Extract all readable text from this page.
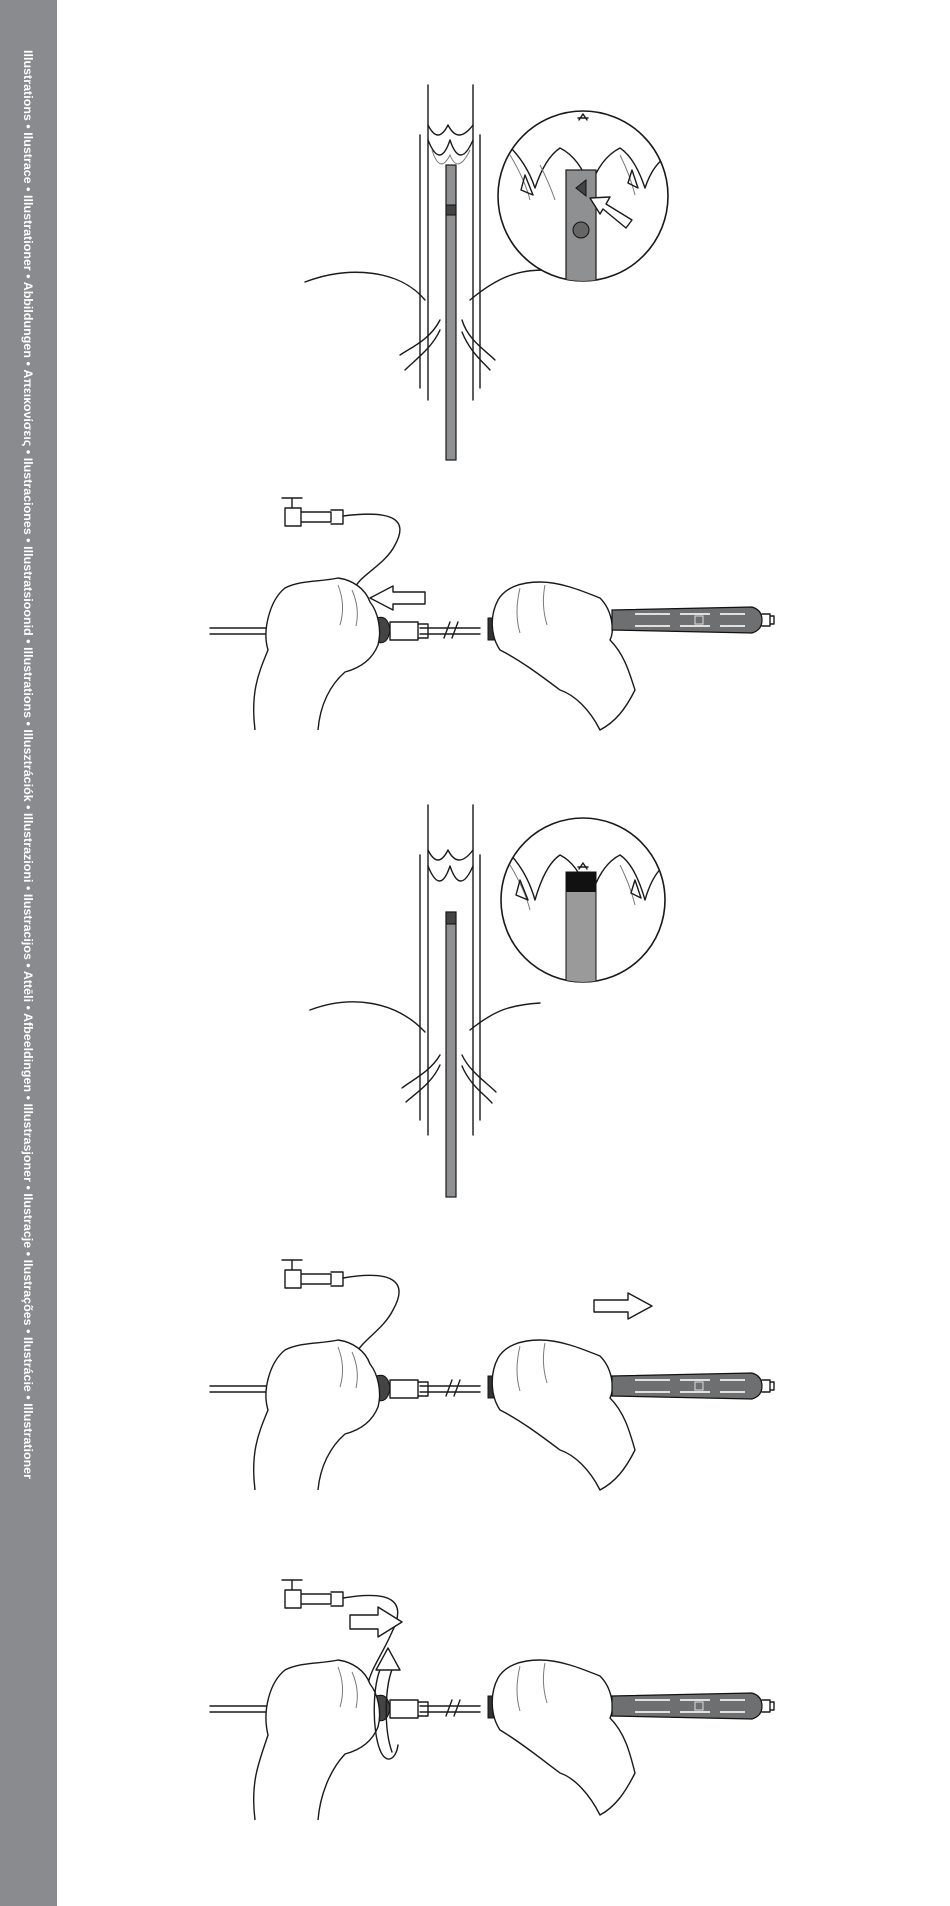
Illustrations • Ilustrace • Illustrationer • Abbildungen • Απεικονίσεις • Ilustraciones • Illustratsioonid • Illustrations • Illusztrációk • Illustrazioni • Ilustracijos • Attēli • Afbeeldingen • Illustrasjoner • Ilustracje • Ilustrações • Ilustrácie • Illustrationer
